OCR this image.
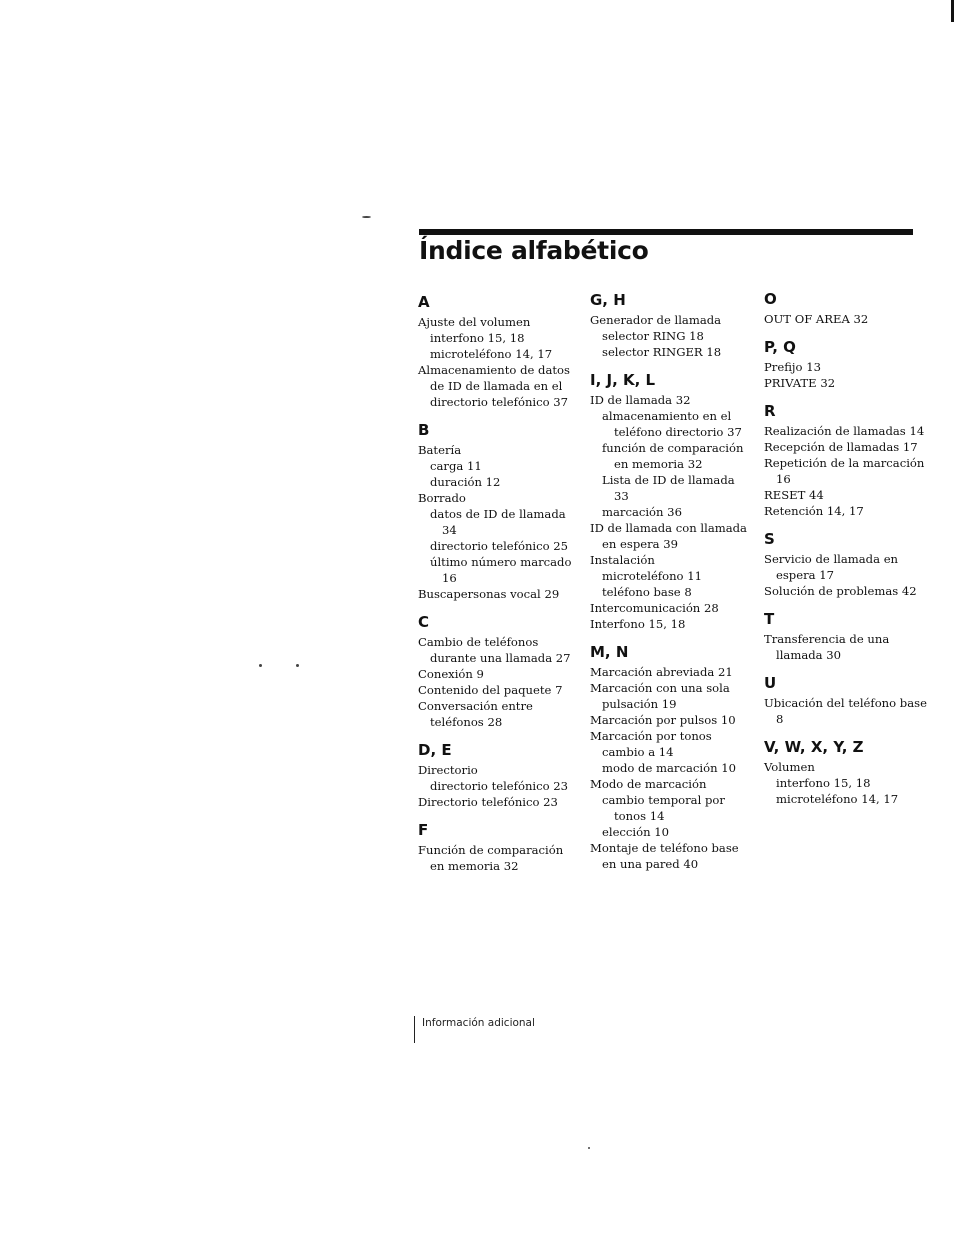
Índice alfabético
A
Ajuste del volumen
interfono 15, 18
microteléfono 14, 17
Almacenamiento de datos de ID de llamada en el directorio telefónico 37
B
Batería
carga 11
duración 12
Borrado
datos de ID de llamada 34
directorio telefónico 25
último número marcado 16
Buscapersonas vocal 29
C
Cambio de teléfonos durante una llamada 27
Conexión 9
Contenido del paquete 7
Conversación entre teléfonos 28
D, E
Directorio
directorio telefónico 23
Directorio telefónico 23
F
Función de comparación en memoria 32
G, H
Generador de llamada
selector RING 18
selector RINGER 18
I, J, K, L
ID de llamada 32
almacenamiento en el teléfono directorio 37
función de comparación en memoria 32
Lista de ID de llamada 33
marcación 36
ID de llamada con llamada en espera 39
Instalación
microteléfono 11
teléfono base 8
Intercomunicación 28
Interfono 15, 18
M, N
Marcación abreviada 21
Marcación con una sola pulsación 19
Marcación por pulsos 10
Marcación por tonos
cambio a 14
modo de marcación 10
Modo de marcación
cambio temporal por tonos 14
elección 10
Montaje de teléfono base en una pared 40
O
OUT OF AREA 32
P, Q
Prefijo 13
PRIVATE 32
R
Realización de llamadas 14
Recepción de llamadas 17
Repetición de la marcación 16
RESET 44
Retención 14, 17
S
Servicio de llamada en espera 17
Solución de problemas 42
T
Transferencia de una llamada 30
U
Ubicación del teléfono base 8
V, W, X, Y, Z
Volumen
interfono 15, 18
microteléfono 14, 17
Información adicional
